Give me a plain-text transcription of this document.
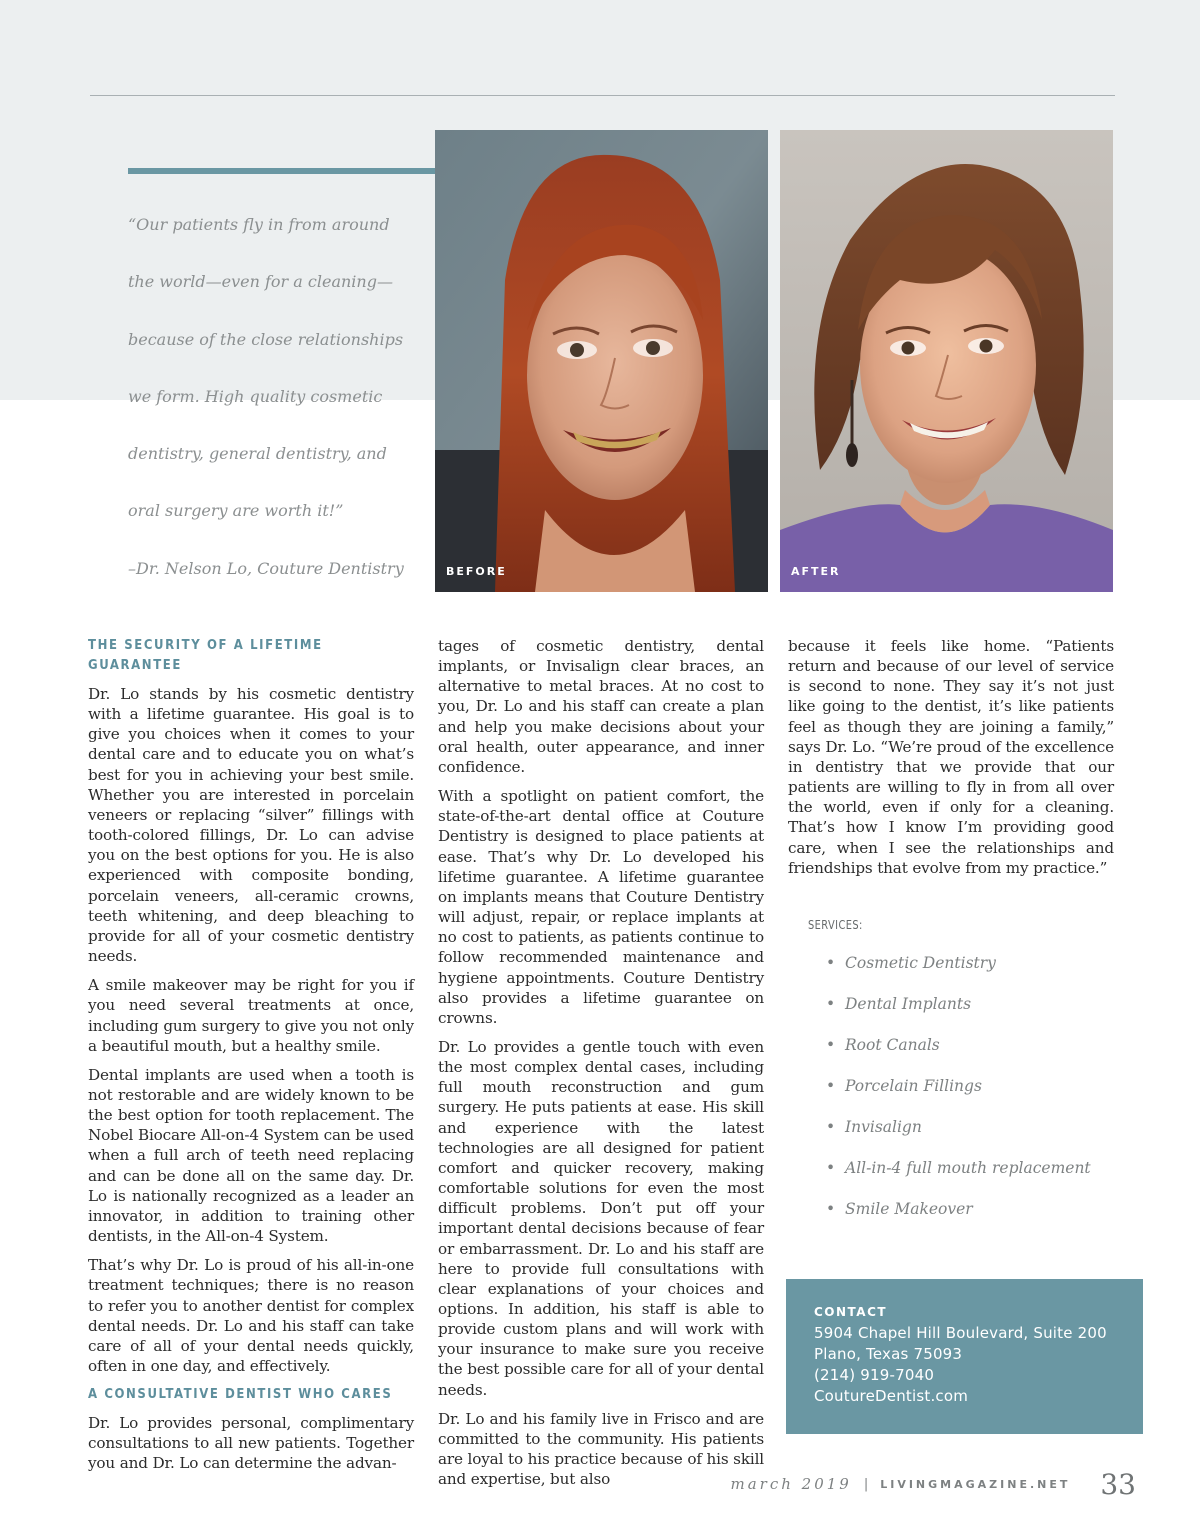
“Our patients fly in from around
the world—even for a cleaning—
because of the close relationships
we form. High quality cosmetic
dentistry, general dentistry, and
oral surgery are worth it!”
–Dr. Nelson Lo, Couture Dentistry	BEFORE	AFTER
THE SECURITY OF A LIFETIME GUARANTEE

Dr. Lo stands by his cosmetic dentistry with a lifetime guarantee. His goal is to give you choices when it comes to your dental care and to educate you on what’s best for you in achieving your best smile. Whether you are interested in porcelain veneers or replacing “silver” fillings with tooth-colored fillings, Dr. Lo can advise you on the best options for you. He is also experienced with composite bonding, porcelain veneers, all-ceramic crowns, teeth whitening, and deep bleaching to provide for all of your cosmetic dentistry needs.

A smile makeover may be right for you if you need several treatments at once, including gum surgery to give you not only a beautiful mouth, but a healthy smile.

Dental implants are used when a tooth is not restorable and are widely known to be the best option for tooth replacement. The Nobel Biocare All-on-4 System can be used when a full arch of teeth need replacing and can be done all on the same day. Dr. Lo is nationally recognized as a leader an innovator, in addition to training other dentists, in the All-on-4 System.

That’s why Dr. Lo is proud of his all-in-one treatment techniques; there is no reason to refer you to another dentist for complex dental needs. Dr. Lo and his staff can take care of all of your dental needs quickly, often in one day, and effectively.

A CONSULTATIVE DENTIST WHO CARES

Dr. Lo provides personal, complimentary consultations to all new patients. Together you and Dr. Lo can determine the advan-

tages of cosmetic dentistry, dental implants, or Invisalign clear braces, an alternative to metal braces. At no cost to you, Dr. Lo and his staff can create a plan and help you make decisions about your oral health, outer appearance, and inner confidence.

With a spotlight on patient comfort, the state-of-the-art dental office at Couture Dentistry is designed to place patients at ease. That’s why Dr. Lo developed his lifetime guarantee. A lifetime guarantee on implants means that Couture Dentistry will adjust, repair, or replace implants at no cost to patients, as patients continue to follow recommended maintenance and hygiene appointments. Couture Dentistry also provides a lifetime guarantee on crowns.

Dr. Lo provides a gentle touch with even the most complex dental cases, including full mouth reconstruction and gum surgery. He puts patients at ease. His skill and experience with the latest technologies are all designed for patient comfort and quicker recovery, making comfortable solutions for even the most difficult problems. Don’t put off your important dental decisions because of fear or embarrassment. Dr. Lo and his staff are here to provide full consultations with clear explanations of your choices and options. In addition, his staff is able to provide custom plans and will work with your insurance to make sure you receive the best possible care for all of your dental needs.

Dr. Lo and his family live in Frisco and are committed to the community. His patients are loyal to his practice because of his skill and expertise, but also

because it feels like home. “Patients return and because of our level of service is second to none. They say it’s not just like going to the dentist, it’s like patients feel as though they are joining a family,” says Dr. Lo. “We’re proud of the excellence in dentistry that we provide that our patients are willing to fly in from all over the world, even if only for a cleaning. That’s how I know I’m providing good care, when I see the relationships and friendships that evolve from my practice.”

SERVICES:
• Cosmetic Dentistry
• Dental Implants
• Root Canals
• Porcelain Fillings
• Invisalign
• All-in-4 full mouth replacement
• Smile Makeover
CONTACT
5904 Chapel Hill Boulevard, Suite 200
Plano, Texas 75093
(214) 919-7040
CoutureDentist.com
march 2019 | LIVINGMAGAZINE.NET 33
